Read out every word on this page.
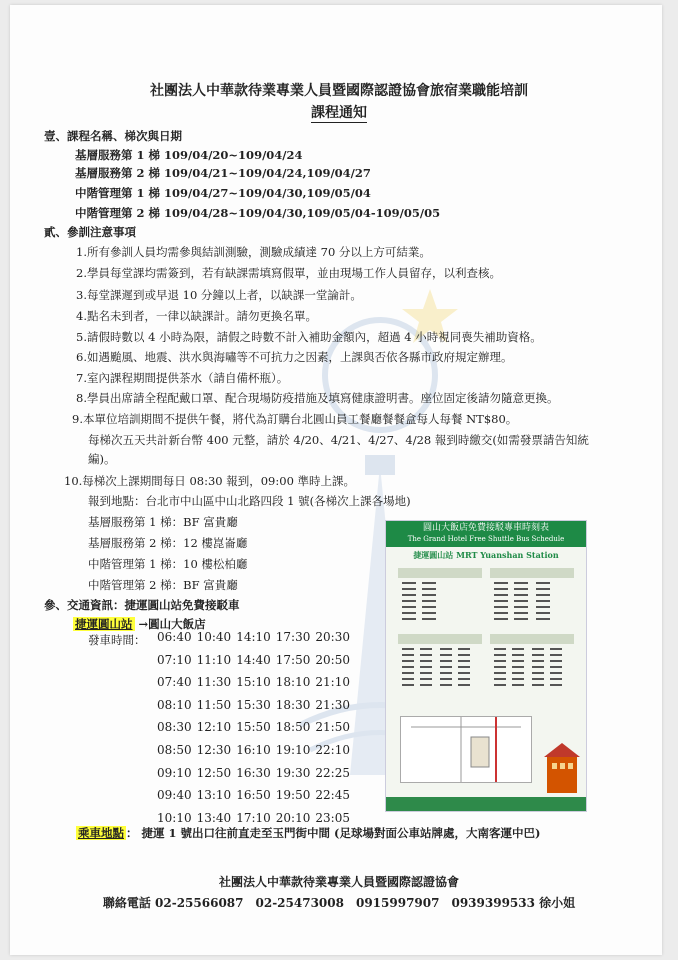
社團法人中華款待業專業人員暨國際認證協會旅宿業職能培訓
課程通知
壹、課程名稱、梯次與日期
基層服務第 1 梯 109/04/20~109/04/24
基層服務第 2 梯 109/04/21~109/04/24,109/04/27
中階管理第 1 梯 109/04/27~109/04/30,109/05/04
中階管理第 2 梯 109/04/28~109/04/30,109/05/04-109/05/05
貳、參訓注意事項
1.所有參訓人員均需參與結訓測驗，測驗成績達 70 分以上方可結業。
2.學員每堂課均需簽到，若有缺課需填寫假單，並由現場工作人員留存，以利查核。
3.每堂課遲到或早退 10 分鐘以上者，以缺課一堂論計。
4.點名未到者，一律以缺課計。請勿更換名單。
5.請假時數以 4 小時為限，請假之時數不計入補助金額內，超過 4 小時視同喪失補助資格。
6.如遇颱風、地震、洪水與海嘯等不可抗力之因素，上課與否依各縣市政府規定辦理。
7.室內課程期間提供茶水（請自備杯瓶）。
8.學員出席請全程配戴口罩、配合現場防疫措施及填寫健康證明書。座位固定後請勿隨意更換。
9.本單位培訓期間不提供午餐，將代為訂購台北圓山員工餐廳餐餐盒每人每餐 NT$80。
每梯次五天共計新台幣 400 元整，請於 4/20、4/21、4/27、4/28 報到時繳交(如需發票請告知統
編)。
10.每梯次上課期間每日 08:30 報到，09:00 準時上課。
報到地點：台北市中山區中山北路四段 1 號(各梯次上課各場地)
基層服務第 1 梯：BF 富貴廳
基層服務第 2 梯：12 樓崑崙廳
中階管理第 1 梯：10 樓松柏廳
中階管理第 2 梯：BF 富貴廳
參、交通資訊：捷運圓山站免費接駁車
捷運圓山站 →圓山大飯店
發車時間： 06:40	10:40	14:10	17:30	20:30
07:10	11:10	14:40	17:50	20:50
07:40	11:30	15:10	18:10	21:10
08:10	11:50	15:30	18:30	21:30
08:30	12:10	15:50	18:50	21:50
08:50	12:30	16:10	19:10	22:10
09:10	12:50	16:30	19:30	22:25
09:40	13:10	16:50	19:50	22:45
10:10	13:40	17:10	20:10	23:05
乘車地點 ： 捷運 1 號出口往前直走至玉門街中間 (足球場對面公車站牌處，大南客運中巴)
圓山大飯店免費接駁專車時刻表
The Grand Hotel Free Shuttle Bus Schedule
捷運圓山站 MRT Yuanshan Station
社團法人中華款待業專業人員暨國際認證協會
聯絡電話 02-25566087　02-25473008　0915997907　0939399533 徐小姐
